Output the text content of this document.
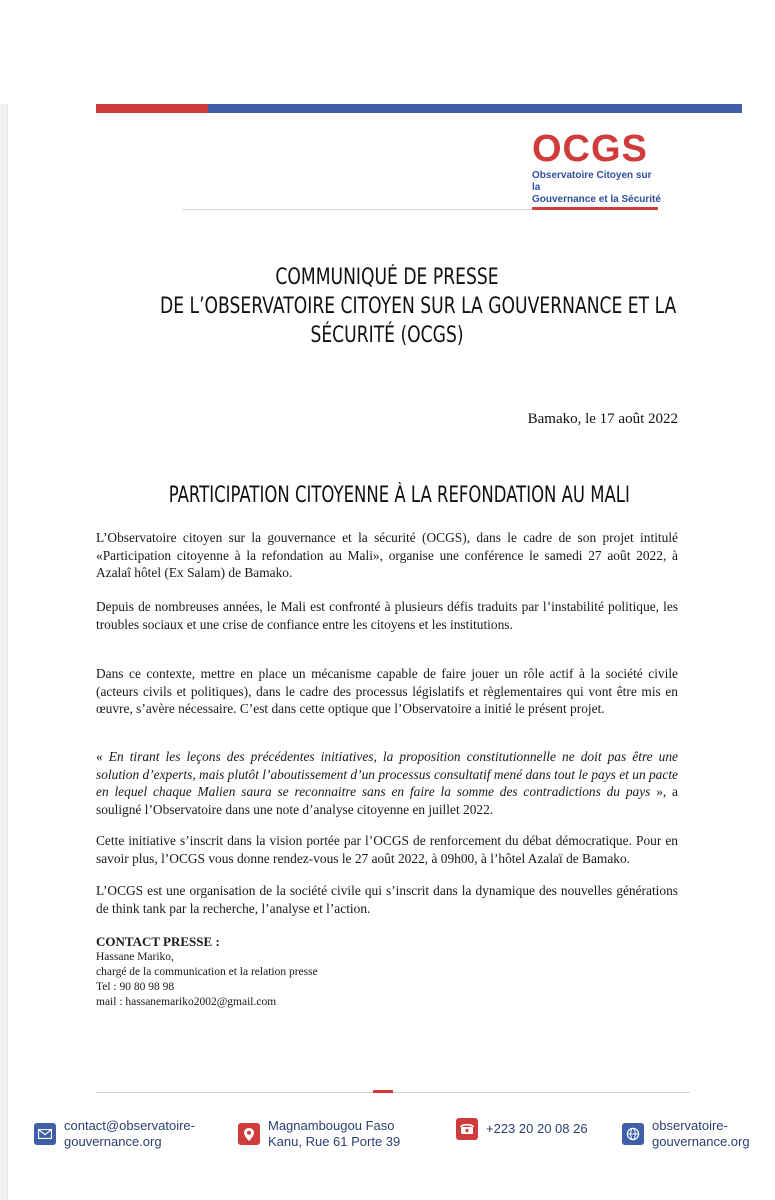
OCGS
Observatoire Citoyen sur la
Gouvernance et la Sécurité
COMMUNIQUÉ DE PRESSE
DE L’OBSERVATOIRE CITOYEN SUR LA GOUVERNANCE ET LA
SÉCURITÉ (OCGS)
Bamako, le 17 août 2022
PARTICIPATION CITOYENNE À LA REFONDATION AU MALI

L’Observatoire citoyen sur la gouvernance et la sécurité (OCGS), dans le cadre de son projet intitulé «Participation citoyenne à la refondation au Mali», organise une conférence le samedi 27 août 2022, à Azalaî hôtel (Ex Salam) de Bamako.

Depuis de nombreuses années, le Mali est confronté à plusieurs défis traduits par l’instabilité politique, les troubles sociaux et une crise de confiance entre les citoyens et les institutions.

Dans ce contexte, mettre en place un mécanisme capable de faire jouer un rôle actif à la société civile (acteurs civils et politiques), dans le cadre des processus législatifs et règlementaires qui vont être mis en œuvre, s’avère nécessaire. C’est dans cette optique que l’Observatoire a initié le présent projet.

« En tirant les leçons des précédentes initiatives, la proposition constitutionnelle ne doit pas être une solution d’experts, mais plutôt l’aboutissement d’un processus consultatif mené dans tout le pays et un pacte en lequel chaque Malien saura se reconnaitre sans en faire la somme des contradictions du pays », a souligné l’Observatoire dans une note d’analyse citoyenne en juillet 2022.

Cette initiative s’inscrit dans la vision portée par l’OCGS de renforcement du débat démocratique. Pour en savoir plus, l’OCGS vous donne rendez-vous le 27 août 2022, à 09h00, à l’hôtel Azalaï de Bamako.

L’OCGS est une organisation de la société civile qui s’inscrit dans la dynamique des nouvelles générations de think tank par la recherche, l’analyse et l’action.

CONTACT PRESSE :
Hassane Mariko,
chargé de la communication et la relation presse
Tel : 90 80 98 98
mail : hassanemariko2002@gmail.com
contact@observatoire-
gouvernance.org
Magnambougou Faso
Kanu, Rue 61 Porte 39
+223 20 20 08 26	observatoire-
gouvernance.org
